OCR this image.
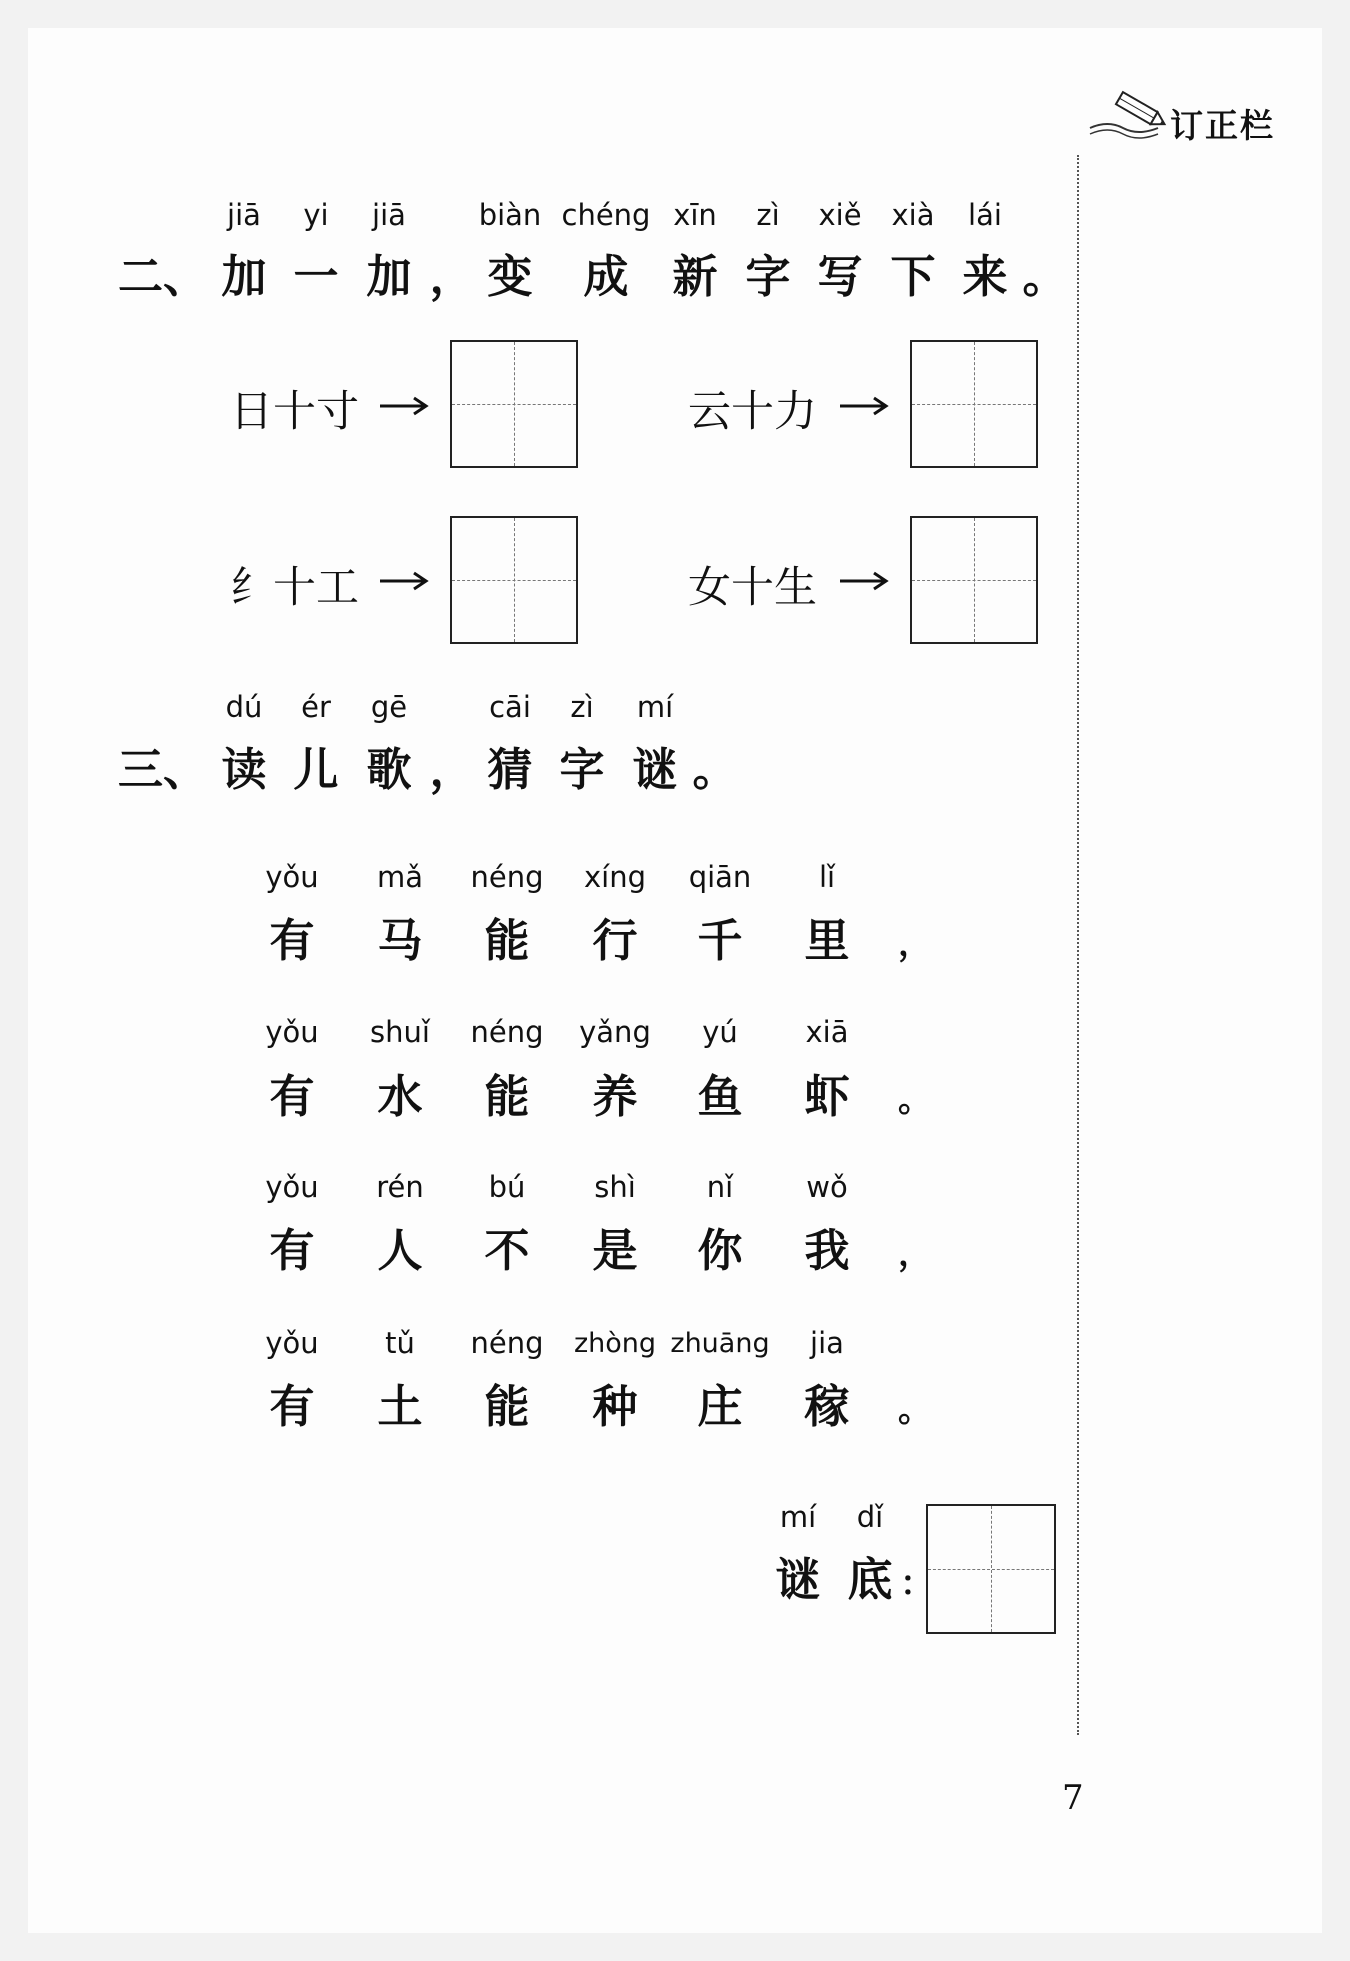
订正栏
jiā	yi	jiā	biàn chéng xīn	zì	xiě	xià	lái
二、 加 一 加 ， 变 成 新 字 写 下 来 。
日十寸	云十力
纟十工	女十生
dú	ér	gē	cāi	zì	mí
三、 读 儿 歌 ， 猜 字 谜 。
yǒu	mǎ	néng	xíng	qiān	lǐ
有 马 能 行 千 里	，
yǒu	shuǐ	néng	yǎng	yú	xiā
有 水 能 养 鱼 虾	。
yǒu	rén	bú	shì	nǐ	wǒ
有 人 不 是 你 我	，
yǒu	tǔ	néng	zhòng zhuāng	jia
有 土 能 种 庄 稼	。
mí	dǐ
谜 底 ：
7
